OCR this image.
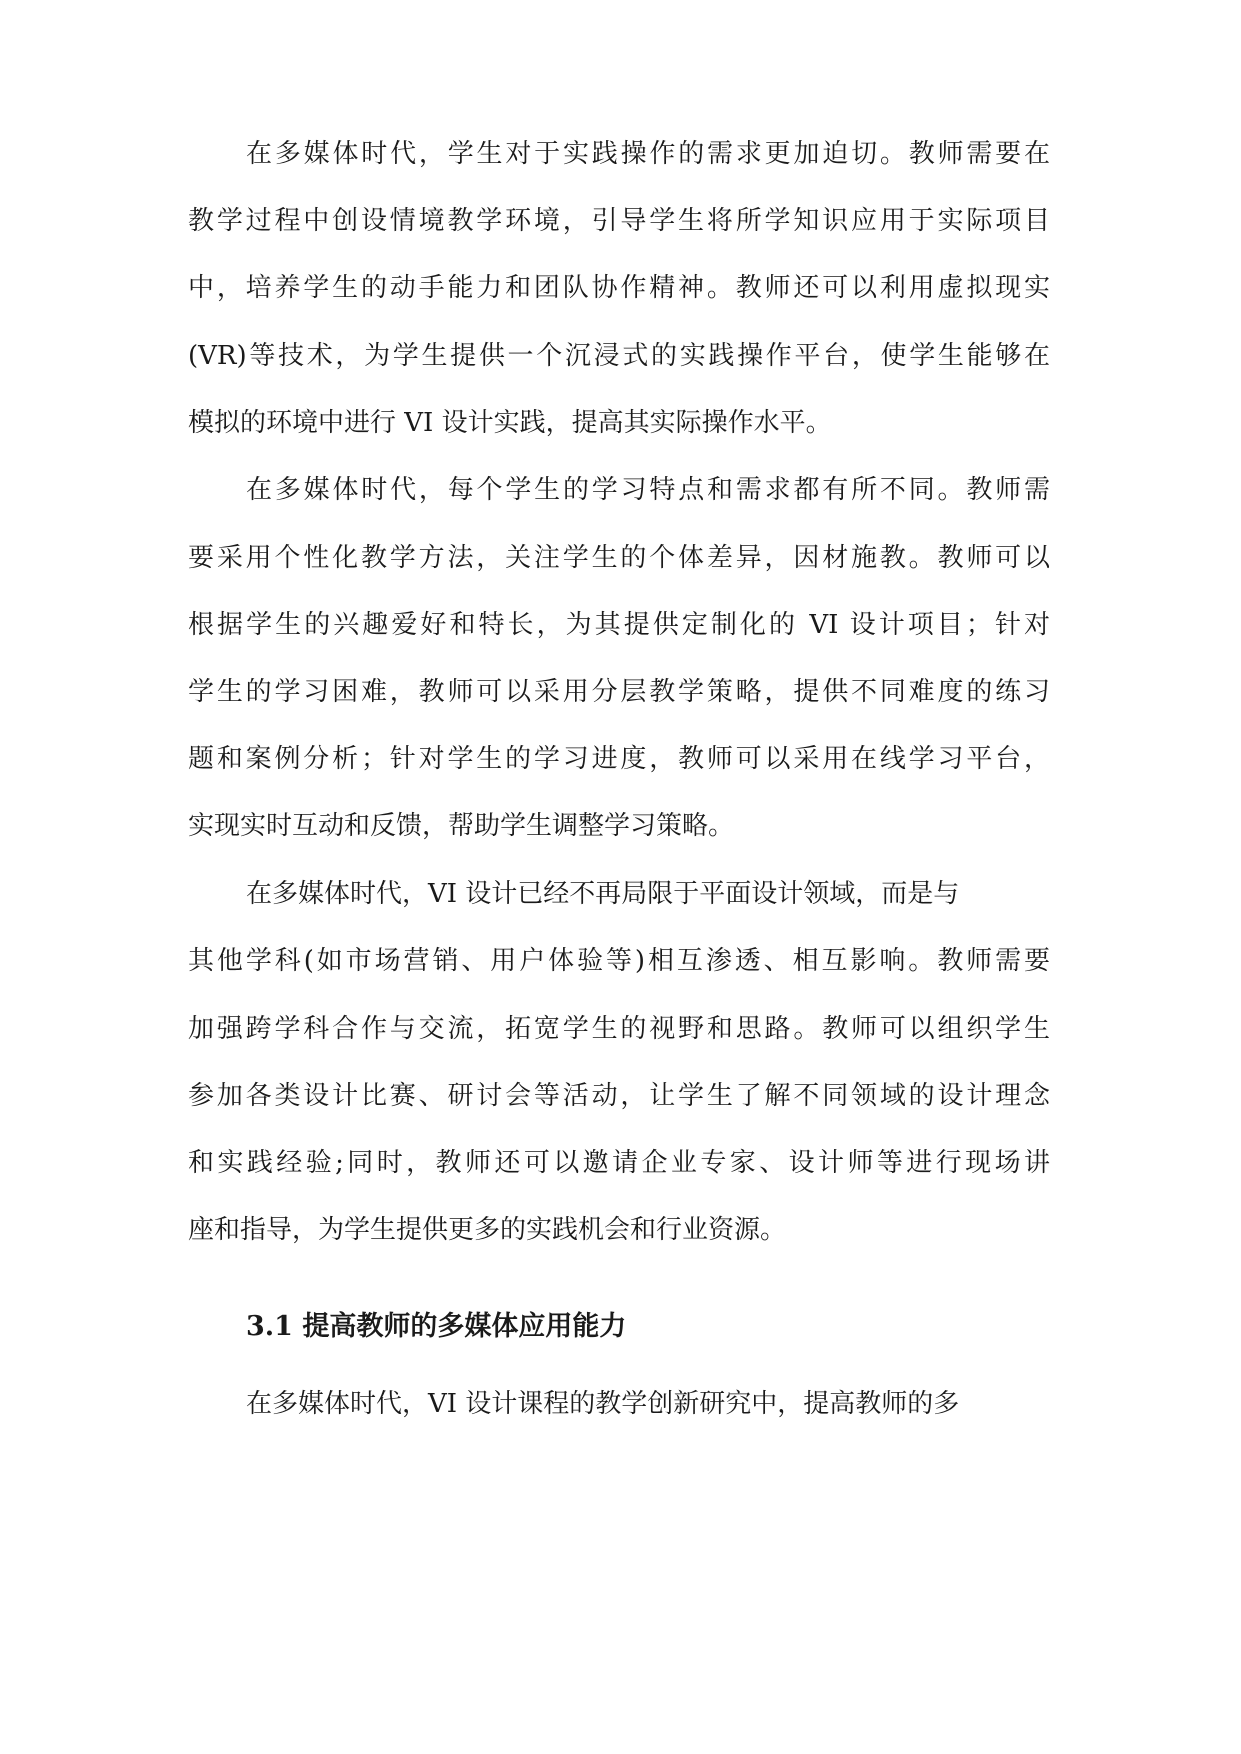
在多媒体时代，学生对于实践操作的需求更加迫切。教师需要在
教学过程中创设情境教学环境，引导学生将所学知识应用于实际项目
中，培养学生的动手能力和团队协作精神。教师还可以利用虚拟现实
(VR)等技术，为学生提供一个沉浸式的实践操作平台，使学生能够在
模拟的环境中进行 VI 设计实践，提高其实际操作水平。
在多媒体时代，每个学生的学习特点和需求都有所不同。教师需
要采用个性化教学方法，关注学生的个体差异，因材施教。教师可以
根据学生的兴趣爱好和特长，为其提供定制化的 VI 设计项目；针对
学生的学习困难，教师可以采用分层教学策略，提供不同难度的练习
题和案例分析；针对学生的学习进度，教师可以采用在线学习平台，
实现实时互动和反馈，帮助学生调整学习策略。
在多媒体时代，VI 设计已经不再局限于平面设计领域，而是与
其他学科(如市场营销、用户体验等)相互渗透、相互影响。教师需要
加强跨学科合作与交流，拓宽学生的视野和思路。教师可以组织学生
参加各类设计比赛、研讨会等活动，让学生了解不同领域的设计理念
和实践经验;同时，教师还可以邀请企业专家、设计师等进行现场讲
座和指导，为学生提供更多的实践机会和行业资源。
3.1 提高教师的多媒体应用能力
在多媒体时代，VI 设计课程的教学创新研究中，提高教师的多
